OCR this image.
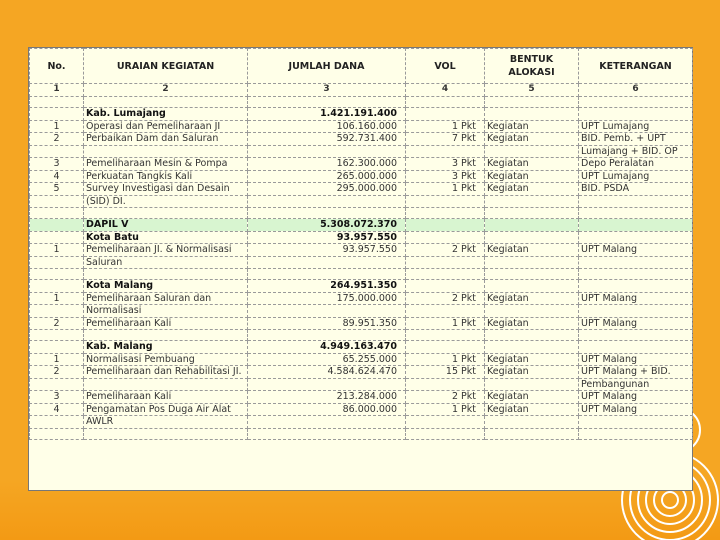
No.	URAIAN KEGIATAN	JUMLAH DANA	VOL	BENTUK ALOKASI	KETERANGAN
1	2	3	4	5	6

	Kab. Lumajang	1.421.191.400			
1	Operasi dan Pemeliharaan JI	106.160.000	1 Pkt	Kegiatan	UPT Lumajang
2	Perbaikan Dam dan Saluran	592.731.400	7 Pkt	Kegiatan	BID. Pemb. + UPT
					Lumajang + BID. OP
3	Pemeliharaan Mesin & Pompa	162.300.000	3 Pkt	Kegiatan	Depo Peralatan
4	Perkuatan Tangkis Kali	265.000.000	3 Pkt	Kegiatan	UPT Lumajang
5	Survey Investigasi dan Desain	295.000.000	1 Pkt	Kegiatan	BID. PSDA
	(SID) DI.				

	DAPIL V	5.308.072.370			
	Kota Batu	93.957.550			
1	Pemeliharaan JI. & Normalisasi	93.957.550	2 Pkt	Kegiatan	UPT Malang
	Saluran				

	Kota Malang	264.951.350			
1	Pemeliharaan Saluran dan	175.000.000	2 Pkt	Kegiatan	UPT Malang
	Normalisasi				
2	Pemeliharaan Kali	89.951.350	1 Pkt	Kegiatan	UPT Malang

	Kab. Malang	4.949.163.470			
1	Normalisasi Pembuang	65.255.000	1 Pkt	Kegiatan	UPT Malang
2	Pemeliharaan dan Rehabilitasi JI.	4.584.624.470	15 Pkt	Kegiatan	UPT Malang + BID.
					Pembangunan
3	Pemeliharaan Kali	213.284.000	2 Pkt	Kegiatan	UPT Malang
4	Pengamatan Pos Duga Air Alat	86.000.000	1 Pkt	Kegiatan	UPT Malang
	AWLR				
